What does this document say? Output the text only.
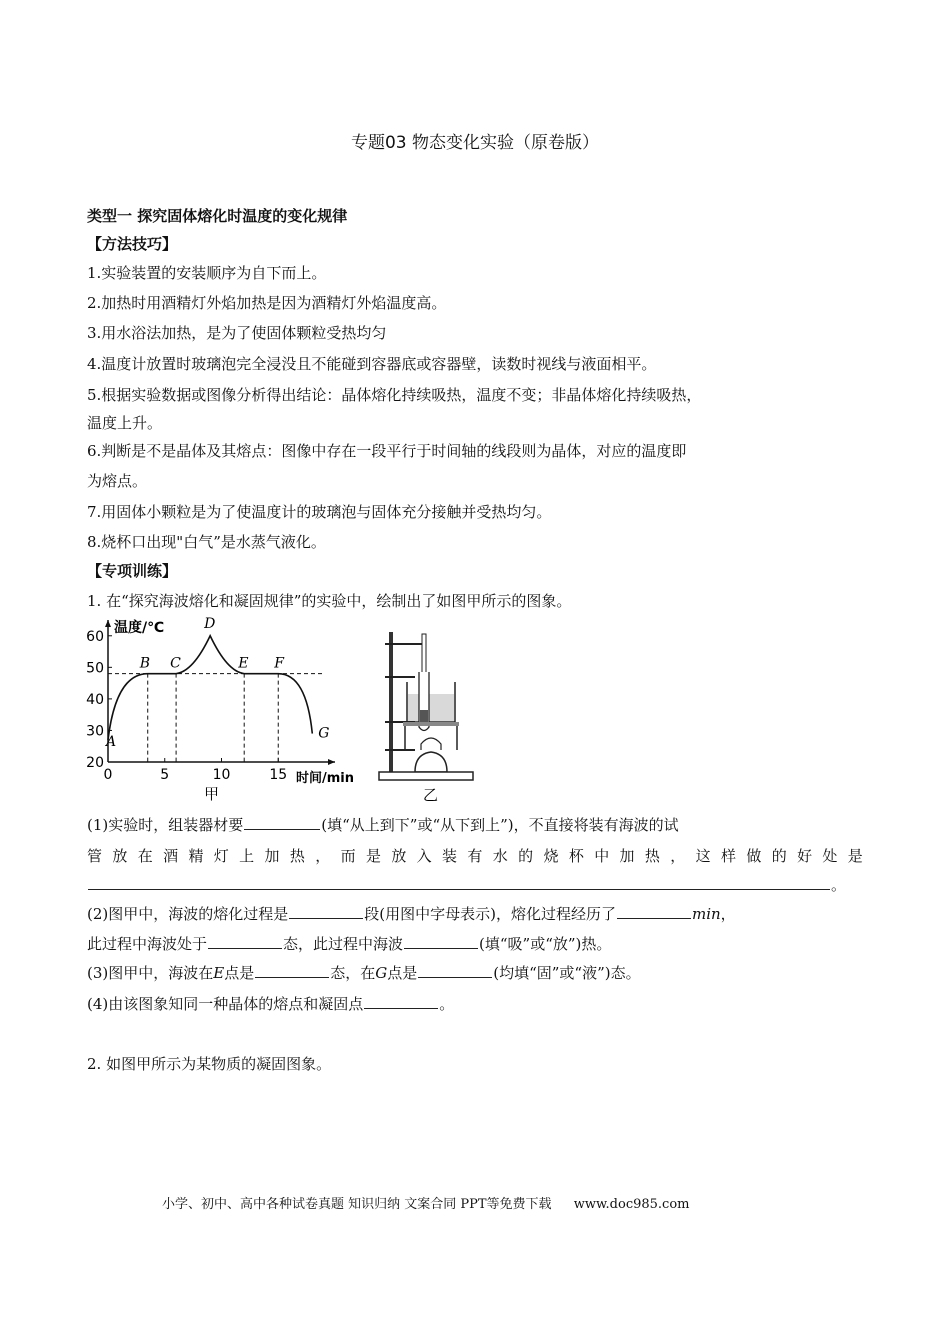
专题03 物态变化实验（原卷版）
类型一 探究固体熔化时温度的变化规律
【方法技巧】
1.实验装置的安装顺序为自下而上。
2.加热时用酒精灯外焰加热是因为酒精灯外焰温度高。
3.用水浴法加热，是为了使固体颗粒受热均匀
4.温度计放置时玻璃泡完全浸没且不能碰到容器底或容器壁，读数时视线与液面相平。
5.根据实验数据或图像分析得出结论：晶体熔化持续吸热，温度不变；非晶体熔化持续吸热，
温度上升。
6.判断是不是晶体及其熔点：图像中存在一段平行于时间轴的线段则为晶体，对应的温度即
为熔点。
7.用固体小颗粒是为了使温度计的玻璃泡与固体充分接触并受热均匀。
8.烧杯口出现"白气”是水蒸气液化。
【专项训练】
1. 在“探究海波熔化和凝固规律”的实验中，绘制出了如图甲所示的图象。
20
30
40
50
60
0	5	10	15
温度/℃
时间/min
甲
A
B C
D
E F
G
乙
(1)实验时，组装器材要	(填“从上到下”或“从下到上”)，不直接将装有海波的试
管 放 在 酒 精 灯 上 加 热 ， 而 是 放 入 装 有 水 的 烧 杯 中 加 热 ， 这 样 做 的 好 处 是
。
(2)图甲中，海波的熔化过程是	段(用图中字母表示)，熔化过程经历了	min，
此过程中海波处于	态，此过程中海波	(填“吸”或“放”)热。
(3)图甲中，海波在E点是	态，在G点是	(均填“固”或“液”)态。
(4)由该图象知同一种晶体的熔点和凝固点	。
2. 如图甲所示为某物质的凝固图象。
小学、初中、高中各种试卷真题 知识归纳 文案合同 PPT等免费下载 www.doc985.com
